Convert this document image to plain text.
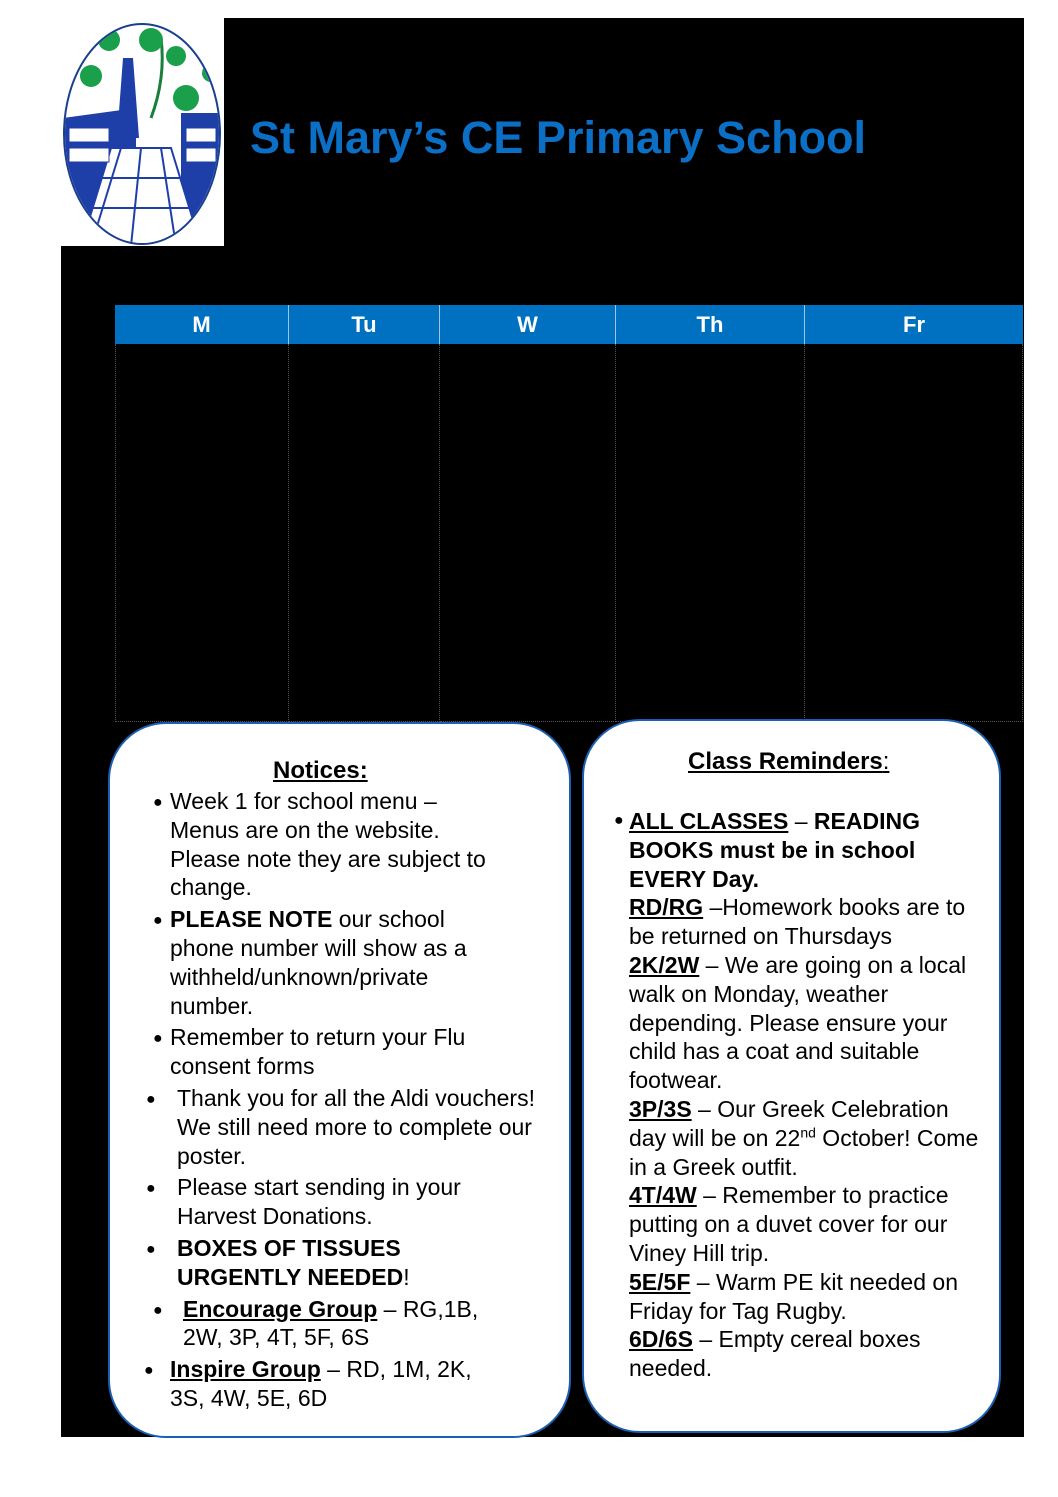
St Mary’s CE Primary School
M	Tu	W	Th	Fr
Notices:
● Week 1 for school menu – Menus are on the website. Please note they are subject to change.
● PLEASE NOTE our school phone number will show as a withheld/unknown/private number.
● Remember to return your Flu consent forms
● Thank you for all the Aldi vouchers! We still need more to complete our poster.
● Please start sending in your Harvest Donations.
● BOXES OF TISSUES URGENTLY NEEDED!
● Encourage Group – RG,1B, 2W, 3P, 4T, 5F, 6S
● Inspire Group – RD, 1M, 2K, 3S, 4W, 5E, 6D
Class Reminders:
● ALL CLASSES – READING BOOKS must be in school EVERY Day.
RD/RG –Homework books are to be returned on Thursdays
2K/2W – We are going on a local walk on Monday, weather depending. Please ensure your child has a coat and suitable footwear.
3P/3S – Our Greek Celebration day will be on 22nd October! Come in a Greek outfit.
4T/4W – Remember to practice putting on a duvet cover for our Viney Hill trip.
5E/5F – Warm PE kit needed on Friday for Tag Rugby.
6D/6S – Empty cereal boxes needed.
